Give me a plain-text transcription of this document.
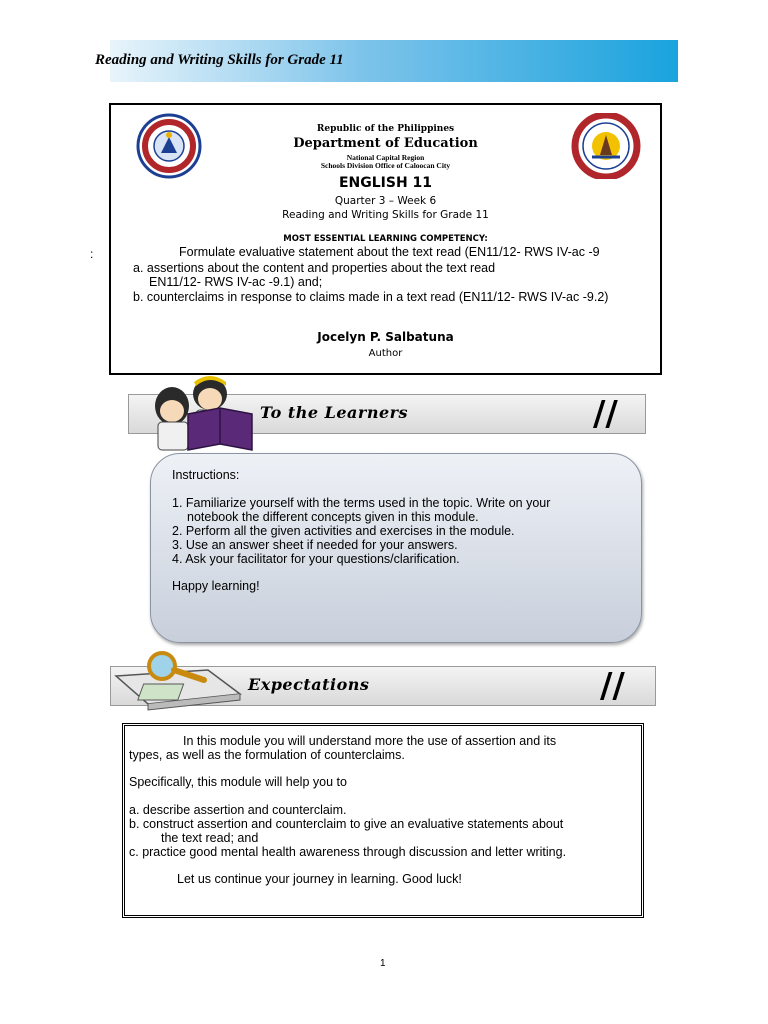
Reading and Writing Skills for Grade 11
Republic of the Philippines
Department of Education
National Capital Region
Schools Division Office of Caloocan City
ENGLISH 11
Quarter 3 – Week 6
Reading and Writing Skills for Grade 11
MOST ESSENTIAL LEARNING COMPETENCY:
Formulate evaluative statement about the text read (EN11/12- RWS IV-ac -9
a. assertions about the content and properties about the text read
EN11/12- RWS IV-ac -9.1) and;
b. counterclaims in response to claims made in a text read (EN11/12- RWS IV-ac -9.2)
Jocelyn P. Salbatuna
Author
:
To the Learners	//
Instructions:
1. Familiarize yourself with the terms used in the topic. Write on your
notebook the different concepts given in this module.
2. Perform all the given activities and exercises in the module.
3. Use an answer sheet if needed for your answers.
4. Ask your facilitator for your questions/clarification.
Happy learning!
Expectations	//
In this module you will understand more the use of assertion and its
types, as well as the formulation of counterclaims.
Specifically, this module will help you to
a. describe assertion and counterclaim.
b. construct assertion and counterclaim to give an evaluative statements about
the text read; and
c. practice good mental health awareness through discussion and letter writing.
Let us continue your journey in learning. Good luck!
1
